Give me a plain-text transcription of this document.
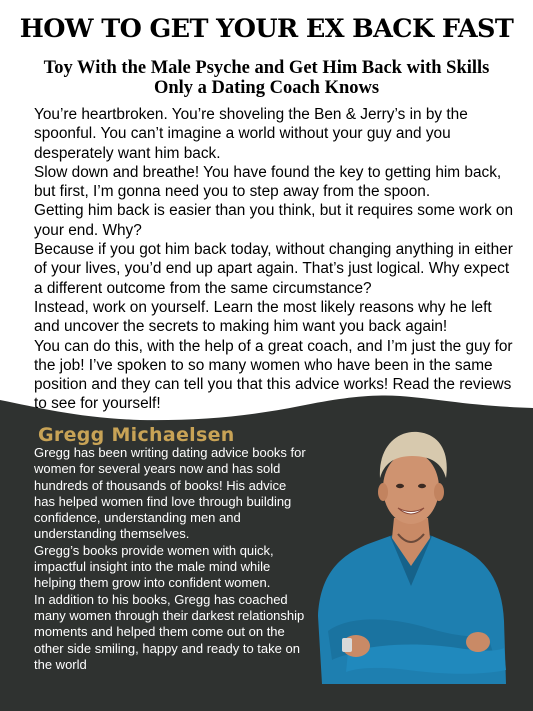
HOW TO GET YOUR EX BACK FAST
Toy With the Male Psyche and Get Him Back with Skills
Only a Dating Coach Knows

You’re heartbroken. You’re shoveling the Ben & Jerry’s in by the spoonful. You can’t imagine a world without your guy and you desperately want him back.

Slow down and breathe! You have found the key to getting him back, but first, I’m gonna need you to step away from the spoon.

Getting him back is easier than you think, but it requires some work on your end. Why?

Because if you got him back today, without changing anything in either of your lives, you’d end up apart again. That’s just logical. Why expect a different outcome from the same circumstance?

Instead, work on yourself. Learn the most likely reasons why he left and uncover the secrets to making him want you back again!

You can do this, with the help of a great coach, and I’m just the guy for the job! I’ve spoken to so many women who have been in the same position and they can tell you that this advice works! Read the reviews to see for yourself!

Gregg Michaelsen

Gregg has been writing dating advice books for women for several years now and has sold hundreds of thousands of books! His advice has helped women find love through building confidence, understanding men and understanding themselves.

Gregg’s books provide women with quick, impactful insight into the male mind while helping them grow into confident women.

In addition to his books, Gregg has coached many women through their darkest relationship moments and helped them come out on the other side smiling, happy and ready to take on the world
